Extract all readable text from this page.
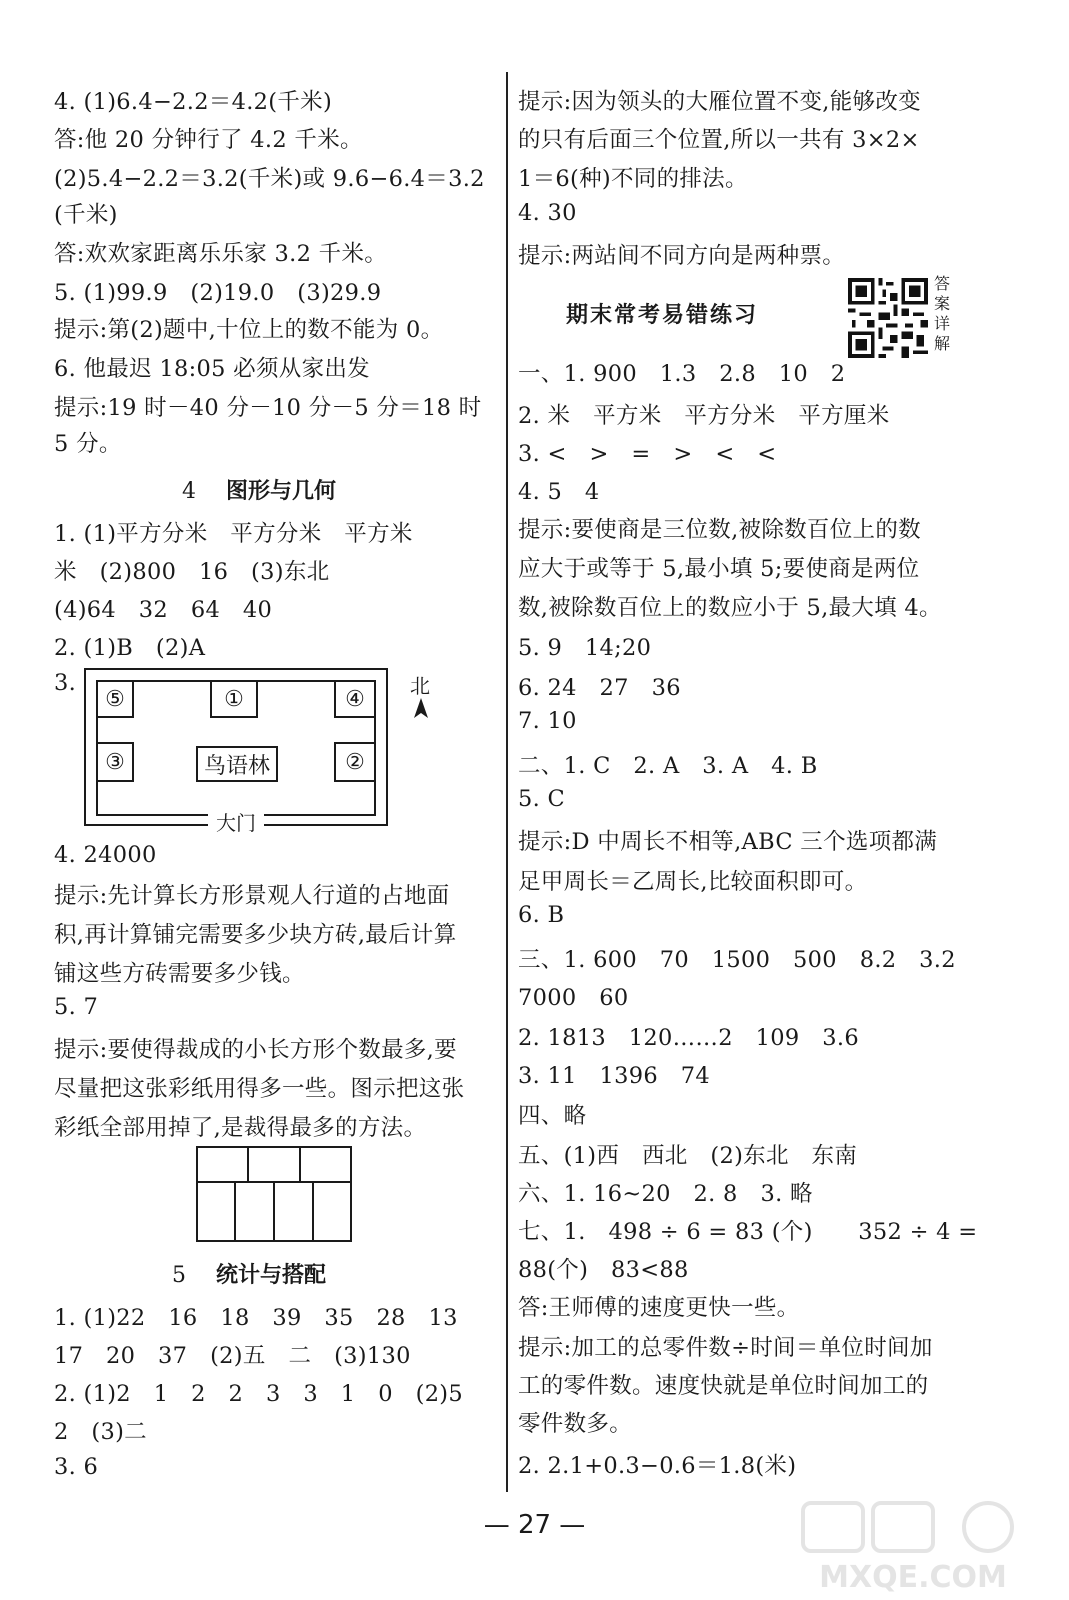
4. (1)6.4−2.2＝4.2(千米)
答:他 20 分钟行了 4.2 千米。
(2)5.4−2.2＝3.2(千米)或 9.6−6.4＝3.2
(千米)
答:欢欢家距离乐乐家 3.2 千米。
5. (1)99.9　(2)19.0　(3)29.9
提示:第(2)题中,十位上的数不能为 0。
6. 他最迟 18:05 必须从家出发
提示:19 时－40 分－10 分－5 分＝18 时
5 分。
4 图形与几何
1. (1)平方分米　平方分米　平方米
米　(2)800　16　(3)东北
(4)64　32　64　40
2. (1)B　(2)A
3.
⑤	①	④
③	鸟语林	②
大门
北
4. 24000
提示:先计算长方形景观人行道的占地面
积,再计算铺完需要多少块方砖,最后计算
铺这些方砖需要多少钱。
5. 7
提示:要使得裁成的小长方形个数最多,要
尽量把这张彩纸用得多一些。图示把这张
彩纸全部用掉了,是裁得最多的方法。
5 统计与搭配
1. (1)22　16　18　39　35　28　13
17　20　37　(2)五　二　(3)130
2. (1)2　1　2　2　3　3　1　0　(2)5
2　(3)二
3. 6
提示:因为领头的大雁位置不变,能够改变
的只有后面三个位置,所以一共有 3×2×
1＝6(种)不同的排法。
4. 30
提示:两站间不同方向是两种票。
期末常考易错练习
答
案
详
解
一、1. 900　1.3　2.8　10　2
2. 米　平方米　平方分米　平方厘米
3. <　>　=　>　<　<
4. 5　4
提示:要使商是三位数,被除数百位上的数
应大于或等于 5,最小填 5;要使商是两位
数,被除数百位上的数应小于 5,最大填 4。
5. 9　14;20
6. 24　27　36
7. 10
二、1. C　2. A　3. A　4. B
5. C
提示:D 中周长不相等,ABC 三个选项都满
足甲周长＝乙周长,比较面积即可。
6. B
三、1. 600　70　1500　500　8.2　3.2
7000　60
2. 1813　120……2　109　3.6
3. 11　1396　74
四、略
五、(1)西　西北　(2)东北　东南
六、1. 16~20　2. 8　3. 略
七、1.　498 ÷ 6 = 83 (个)　　352 ÷ 4 =
88(个)　83<88
答:王师傅的速度更快一些。
提示:加工的总零件数÷时间＝单位时间加
工的零件数。速度快就是单位时间加工的
零件数多。
2. 2.1+0.3−0.6＝1.8(米)
— 27 —
MXQE.COM
